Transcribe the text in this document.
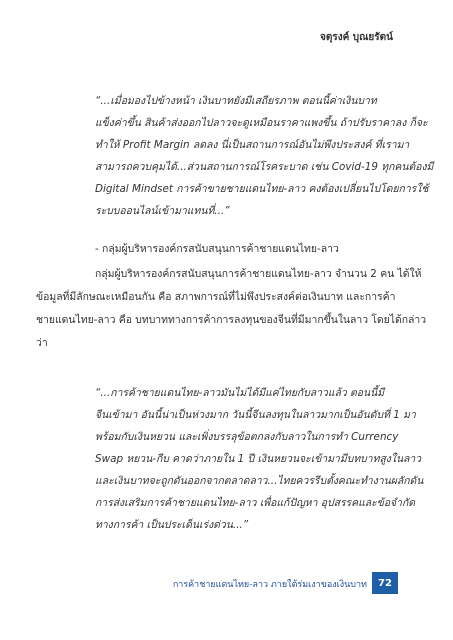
จตุรงค์ บุณยรัตน์
“...เมื่อมองไปข้างหน้า เงินบาทยังมีเสถียรภาพ ตอนนี้ค่าเงินบาท
แข็งค่าขึ้น สินค้าส่งออกไปลาวจะดูเหมือนราคาแพงขึ้น ถ้าปรับราคาลง ก็จะ
ทำให้ Profit Margin ลดลง นี่เป็นสถานการณ์อันไม่พึงประสงค์ ที่เรามา
สามารถควบคุมได้...ส่วนสถานการณ์โรคระบาด เช่น Covid-19 ทุกคนต้องมี
Digital Mindset การค้าขายชายแดนไทย-ลาว คงต้องเปลี่ยนไปโดยการใช้
ระบบออนไลน์เข้ามาแทนที่...”
- กลุ่มผู้บริหารองค์กรสนับสนุนการค้าชายแดนไทย-ลาว
กลุ่มผู้บริหารองค์กรสนับสนุนการค้าชายแดนไทย-ลาว จำนวน 2 คน ได้ให้
ข้อมูลที่มีลักษณะเหมือนกัน คือ สภาพการณ์ที่ไม่พึงประสงค์ต่อเงินบาท และการค้า
ชายแดนไทย-ลาว คือ บทบาททางการค้าการลงทุนของจีนที่มีมากขึ้นในลาว โดยได้กล่าว
ว่า
“...การค้าชายแดนไทย-ลาวมันไม่ได้มีแค่ไทยกับลาวแล้ว ตอนนี้มี
จีนเข้ามา อันนี้น่าเป็นห่วงมาก วันนี้จีนลงทุนในลาวมากเป็นอันดับที่ 1 มา
พร้อมกับเงินหยวน และเพิ่งบรรลุข้อตกลงกับลาวในการทำ Currency
Swap หยวน-กีบ คาดว่าภายใน 1 ปี เงินหยวนจะเข้ามามีบทบาทสูงในลาว
และเงินบาทจะถูกดันออกจากตลาดลาว...ไทยควรรีบตั้งคณะทำงานผลักดัน
การส่งเสริมการค้าชายแดนไทย-ลาว เพื่อแก้ปัญหา อุปสรรคและข้อจำกัด
ทางการค้า เป็นประเด็นเร่งด่วน...”
การค้าชายแดนไทย-ลาว ภายใต้ร่มเงาของเงินบาท	72
